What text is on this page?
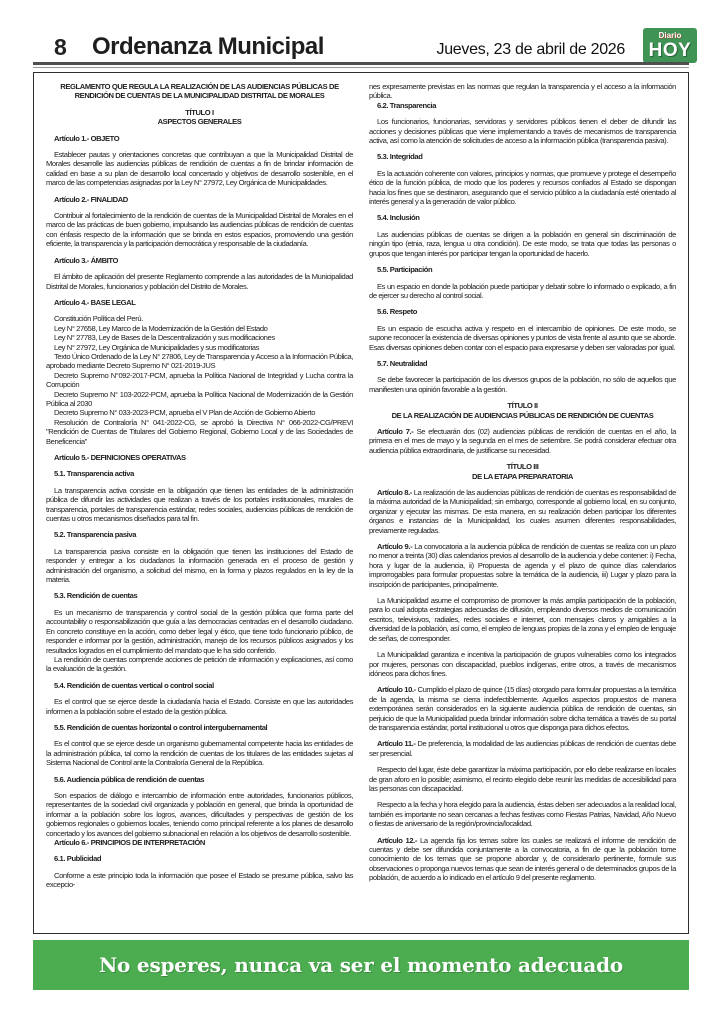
8 Ordenanza Municipal	Jueves, 23 de abril de 2026
Diario
HOY
REGLAMENTO QUE REGULA LA REALIZACIÓN DE LAS AUDIENCIAS PÚBLICAS DE RENDICIÓN DE CUENTAS DE LA MUNICIPALIDAD DISTRITAL DE MORALES
TÍTULO I
ASPECTOS GENERALES
Artículo 1.- OBJETO
Establecer pautas y orientaciones concretas que contribuyan a que la Municipalidad Distrital de Morales desarrolle las audiencias públicas de rendición de cuentas a fin de brindar información de calidad en base a su plan de desarrollo local concertado y objetivos de desarrollo sostenible, en el marco de las competencias asignadas por la Ley N° 27972, Ley Orgánica de Municipalidades.
Artículo 2.- FINALIDAD
Contribuir al fortalecimiento de la rendición de cuentas de la Municipalidad Distrital de Morales en el marco de las prácticas de buen gobierno, impulsando las audiencias públicas de rendición de cuentas con énfasis respecto de la información que se brinda en estos espacios, promoviendo una gestión eficiente, la transparencia y la participación democrática y responsable de la ciudadanía.
Artículo 3.- ÁMBITO
El ámbito de aplicación del presente Reglamento comprende a las autoridades de la Municipalidad Distrital de Morales, funcionarios y población del Distrito de Morales.
Artículo 4.- BASE LEGAL
Constitución Política del Perú.
Ley N° 27658, Ley Marco de la Modernización de la Gestión del Estado
Ley N° 27783, Ley de Bases de la Descentralización y sus modificaciones
Ley N° 27972, Ley Orgánica de Municipalidades y sus modificatorias
Texto Único Ordenado de la Ley N° 27806, Ley de Transparencia y Acceso a la Información Pública, aprobado mediante Decreto Supremo N° 021-2019-JUS
Decreto Supremo N°092-2017-PCM, aprueba la Política Nacional de Integridad y Lucha contra la Corrupción
Decreto Supremo N° 103-2022-PCM, aprueba la Política Nacional de Modernización de la Gestión Pública al 2030
Decreto Supremo N° 033-2023-PCM, aprueba el V Plan de Acción de Gobierno Abierto
Resolución de Contraloría N° 041-2022-CG, se aprobó la Directiva N° 066-2022-CG/PREVI "Rendición de Cuentas de Titulares del Gobierno Regional, Gobierno Local y de las Sociedades de Beneficencia"
Artículo 5.- DEFINICIONES OPERATIVAS
5.1. Transparencia activa
La transparencia activa consiste en la obligación que tienen las entidades de la administración pública de difundir las actividades que realizan a través de los portales institucionales, murales de transparencia, portales de transparencia estándar, redes sociales, audiencias públicas de rendición de cuentas u otros mecanismos diseñados para tal fin.
5.2. Transparencia pasiva
La transparencia pasiva consiste en la obligación que tienen las instituciones del Estado de responder y entregar a los ciudadanos la información generada en el proceso de gestión y administración del organismo, a solicitud del mismo, en la forma y plazos regulados en la ley de la materia.
5.3. Rendición de cuentas
Es un mecanismo de transparencia y control social de la gestión pública que forma parte del accountability o responsabilización que guía a las democracias centradas en el desarrollo ciudadano. En concreto constituye en la acción, como deber legal y ético, que tiene todo funcionario público, de responder e informar por la gestión, administración, manejo de los recursos públicos asignados y los resultados logrados en el cumplimiento del mandato que le ha sido conferido.
La rendición de cuentas comprende acciones de petición de información y explicaciones, así como la evaluación de la gestión.
5.4. Rendición de cuentas vertical o control social
Es el control que se ejerce desde la ciudadanía hacia el Estado. Consiste en que las autoridades informen a la población sobre el estado de la gestión pública.
5.5. Rendición de cuentas horizontal o control intergubernamental
Es el control que se ejerce desde un organismo gubernamental competente hacia las entidades de la administración pública, tal como la rendición de cuentas de los titulares de las entidades sujetas al Sistema Nacional de Control ante la Contraloría General de la República.
5.6. Audiencia pública de rendición de cuentas
Son espacios de diálogo e intercambio de información entre autoridades, funcionarios públicos, representantes de la sociedad civil organizada y población en general, que brinda la oportunidad de informar a la población sobre los logros, avances, dificultades y perspectivas de gestión de los gobiernos regionales o gobiernos locales, teniendo como principal referente a los planes de desarrollo concertado y los avances del gobierno subnacional en relación a los objetivos de desarrollo sostenible.
Artículo 6.- PRINCIPIOS DE INTERPRETACIÓN
6.1. Publicidad
Conforme a este principio toda la información que posee el Estado se presume pública, salvo las excepcio-
nes expresamente previstas en las normas que regulan la transparencia y el acceso a la información pública.
6.2. Transparencia
Los funcionarios, funcionarias, servidoras y servidores públicos tienen el deber de difundir las acciones y decisiones públicas que viene implementando a través de mecanismos de transparencia activa, así como la atención de solicitudes de acceso a la información pública (transparencia pasiva).
5.3. Integridad
Es la actuación coherente con valores, principios y normas, que promueve y protege el desempeño ético de la función pública, de modo que los poderes y recursos confiados al Estado se dispongan hacia los fines que se destinaron, asegurando que el servicio público a la ciudadanía esté orientado al interés general y a la generación de valor público.
5.4. Inclusión
Las audiencias públicas de cuentas se dirigen a la población en general sin discriminación de ningún tipo (etnia, raza, lengua u otra condición). De este modo, se trata que todas las personas o grupos que tengan interés por participar tengan la oportunidad de hacerlo.
5.5. Participación
Es un espacio en donde la población puede participar y debatir sobre lo informado o explicado, a fin de ejercer su derecho al control social.
5.6. Respeto
Es un espacio de escucha activa y respeto en el intercambio de opiniones. De este modo, se supone reconocer la existencia de diversas opiniones y puntos de vista frente al asunto que se aborde. Esas diversas opiniones deben contar con el espacio para expresarse y deben ser valoradas por igual.
5.7. Neutralidad
Se debe favorecer la participación de los diversos grupos de la población, no sólo de aquellos que manifiesten una opinión favorable a la gestión.
TÍTULO II
DE LA REALIZACIÓN DE AUDIENCIAS PÚBLICAS DE RENDICIÓN DE CUENTAS
Artículo 7.- Se efectuarán dos (02) audiencias públicas de rendición de cuentas en el año, la primera en el mes de mayo y la segunda en el mes de setiembre. Se podrá considerar efectuar otra audiencia pública extraordinaria, de justificarse su necesidad.
TÍTULO III
DE LA ETAPA PREPARATORIA
Artículo 8.- La realización de las audiencias públicas de rendición de cuentas es responsabilidad de la máxima autoridad de la Municipalidad; sin embargo, corresponde al gobierno local, en su conjunto, organizar y ejecutar las mismas. De esta manera, en su realización deben participar los diferentes órganos e instancias de la Municipalidad, los cuales asumen diferentes responsabilidades, previamente reguladas.
Artículo 9.- La convocatoria a la audiencia pública de rendición de cuentas se realiza con un plazo no menor a treinta (30) días calendarios previos al desarrollo de la audiencia y debe contener: i) Fecha, hora y lugar de la audiencia, ii) Propuesta de agenda y el plazo de quince días calendarios improrrogables para formular propuestas sobre la temática de la audiencia, iii) Lugar y plazo para la inscripción de participantes, principalmente.
La Municipalidad asume el compromiso de promover la más amplia participación de la población, para lo cual adopta estrategias adecuadas de difusión, empleando diversos medios de comunicación escritos, televisivos, radiales, redes sociales e internet, con mensajes claros y amigables a la diversidad de la población, así como, el empleo de lenguas propias de la zona y el empleo de lenguaje de señas, de corresponder.
La Municipalidad garantiza e incentiva la participación de grupos vulnerables como los integrados por mujeres, personas con discapacidad, pueblos indígenas, entre otros, a través de mecanismos idóneos para dichos fines.
Artículo 10.- Cumplido el plazo de quince (15 días) otorgado para formular propuestas a la temática de la agenda, la misma se cierra indefectiblemente. Aquellos aspectos propuestos de manera extemporánea serán considerados en la siguiente audiencia pública de rendición de cuentas, sin perjuicio de que la Municipalidad pueda brindar información sobre dicha temática a través de su portal de transparencia estándar, portal institucional u otros que disponga para dichos efectos.
Artículo 11.- De preferencia, la modalidad de las audiencias públicas de rendición de cuentas debe ser presencial.
Respecto del lugar, éste debe garantizar la máxima participación, por ello debe realizarse en locales de gran aforo en lo posible; asimismo, el recinto elegido debe reunir las medidas de accesibilidad para las personas con discapacidad.
Respecto a la fecha y hora elegido para la audiencia, éstas deben ser adecuados a la realidad local, también es importante no sean cercanas a fechas festivas como Fiestas Patrias, Navidad, Año Nuevo o fiestas de aniversario de la región/provincia/localidad.
Artículo 12.- La agenda fija los temas sobre los cuales se realizará el informe de rendición de cuentas y debe ser difundida conjuntamente a la convocatoria, a fin de que la población tome conocimiento de los temas que se propone abordar y, de considerarlo pertinente, formule sus observaciones o proponga nuevos temas que sean de interés general o de determinados grupos de la población, de acuerdo a lo indicado en el artículo 9 del presente reglamento.
No esperes, nunca va ser el momento adecuado
